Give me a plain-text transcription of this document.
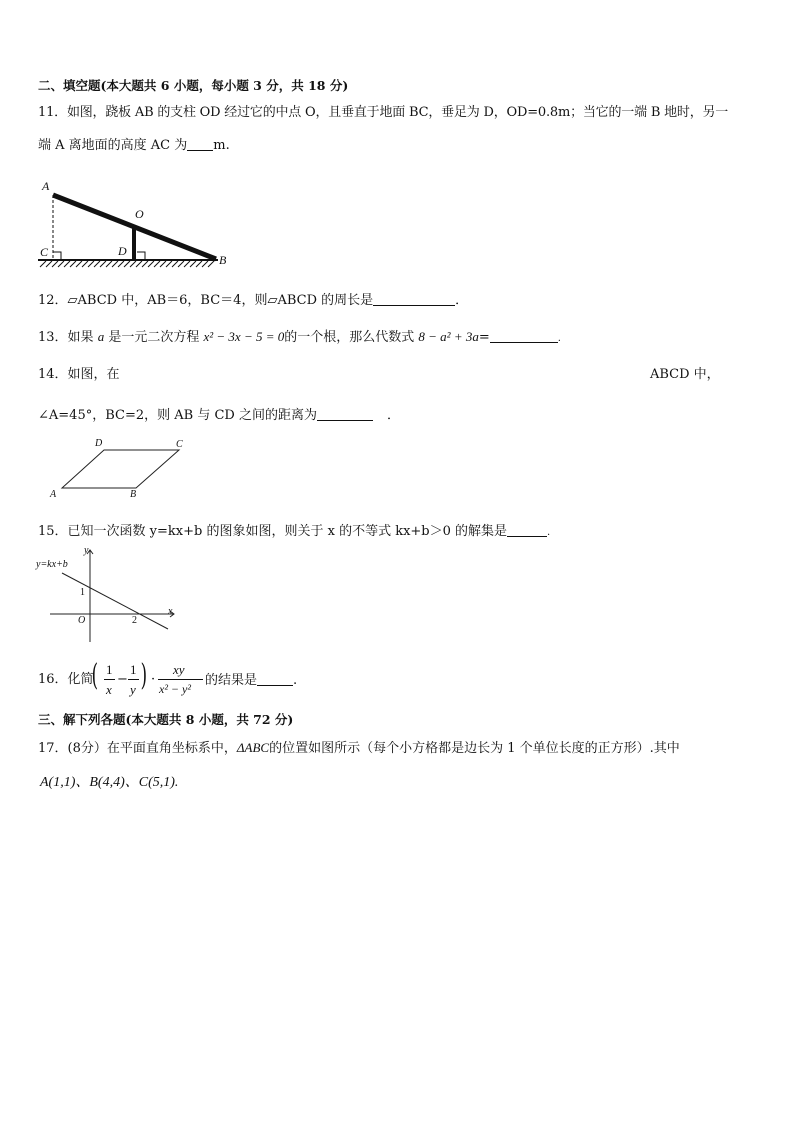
二、填空题(本大题共 6 小题，每小题 3 分，共 18 分)
11．如图，跷板 AB 的支柱 OD 经过它的中点 O，且垂直于地面 BC，垂足为 D，OD=0.8m；当它的一端 B 地时，另一
端 A 离地面的高度 AC 为 m.
A
O
C	D
B
12．▱ABCD 中，AB＝6，BC＝4，则▱ABCD 的周长是	．
13．如果 a 是一元二次方程 x² − 3x − 5 = 0的一个根，那么代数式 8 − a² + 3a=	.
14．如图，在	ABCD 中，
∠A=45°，BC=2，则 AB 与 CD 之间的距离为	．
D	C
A	B
15．已知一次函数 y=kx+b 的图象如图，则关于 x 的不等式 kx+b＞0 的解集是	.
y
x
y=kx+b
O
1
2
16．化简
( 1
x
−
1
y ) ·
xy
x² − y²
的结果是	.
三、解下列各题(本大题共 8 小题，共 72 分)
17．(8分）在平面直角坐标系中，ΔABC的位置如图所示（每个小方格都是边长为 1 个单位长度的正方形）.其中
A(1,1)、B(4,4)、C(5,1).
